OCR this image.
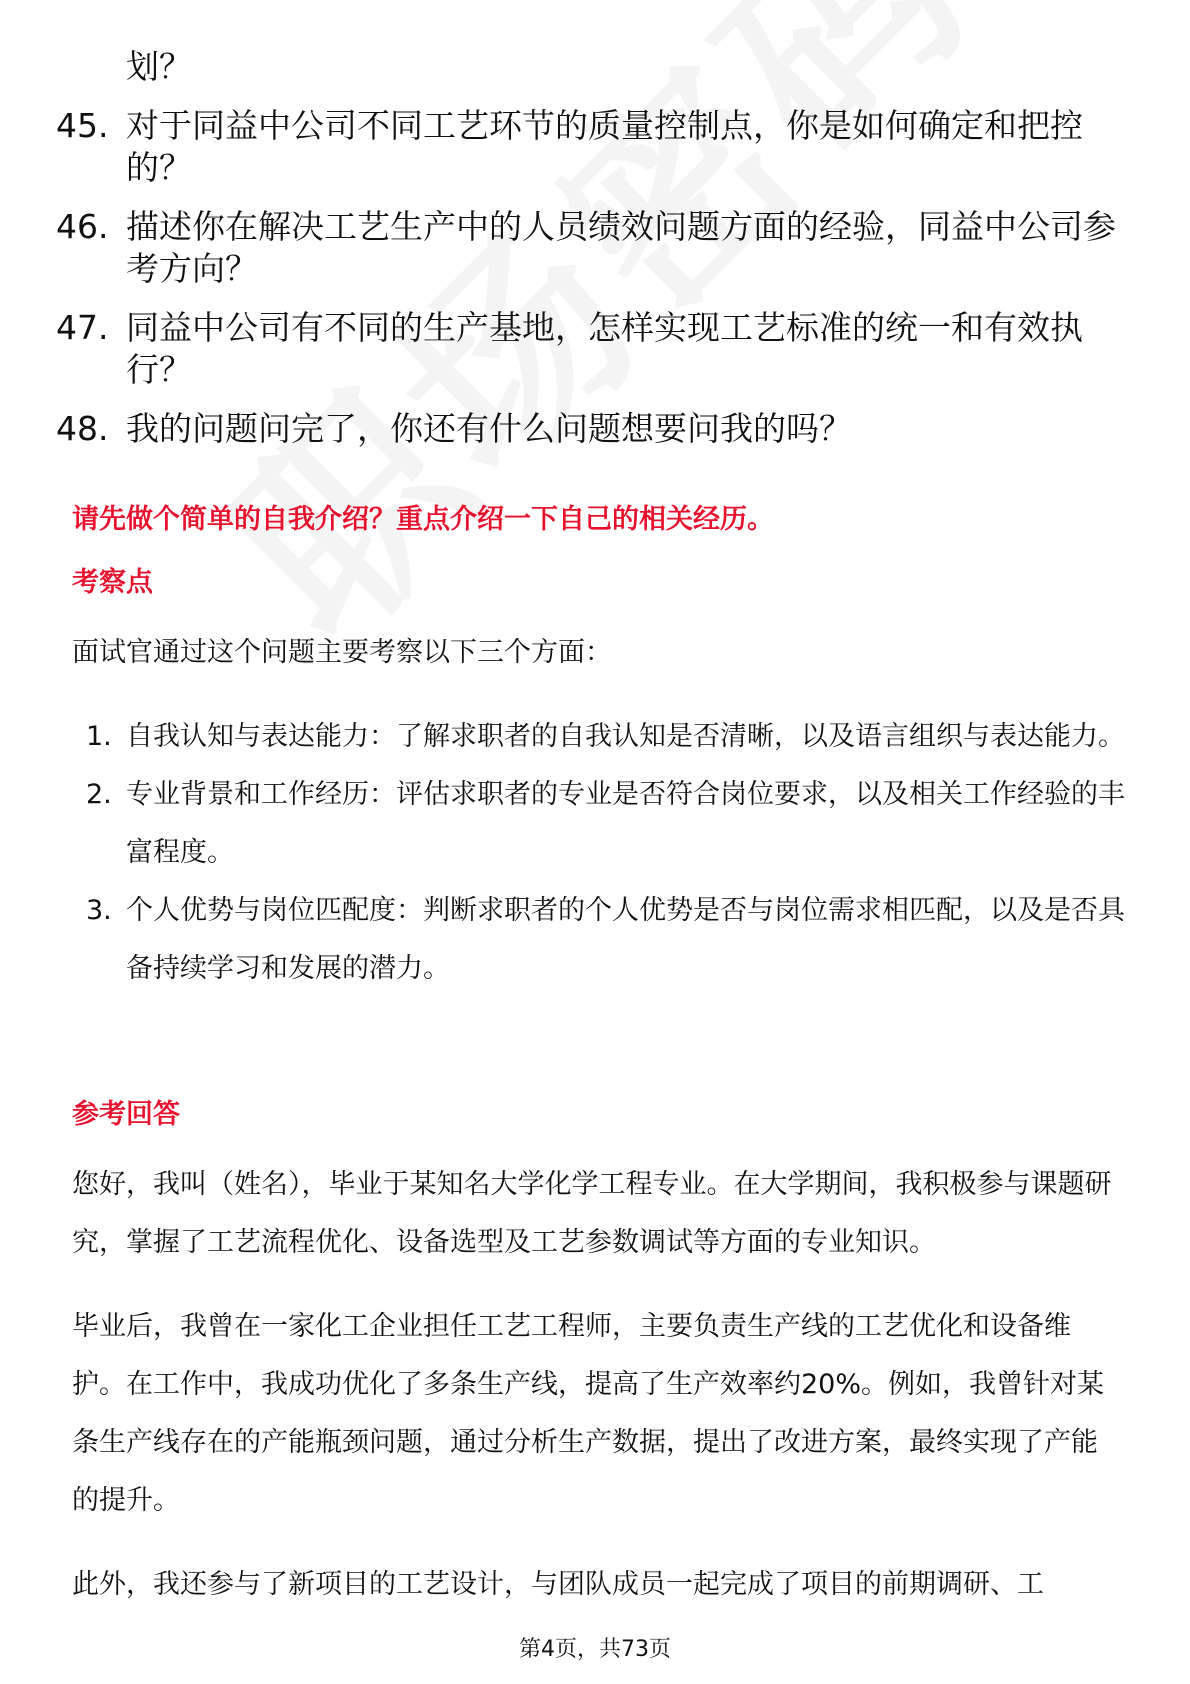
划？
45. 对于同益中公司不同工艺环节的质量控制点，你是如何确定和把控的？
46. 描述你在解决工艺生产中的人员绩效问题方面的经验，同益中公司参考方向？
47. 同益中公司有不同的生产基地，怎样实现工艺标准的统一和有效执行？
48. 我的问题问完了，你还有什么问题想要问我的吗？
请先做个简单的自我介绍？重点介绍一下自己的相关经历。
考察点
面试官通过这个问题主要考察以下三个方面：
1. 自我认知与表达能力：了解求职者的自我认知是否清晰，以及语言组织与表达能力。
2. 专业背景和工作经历：评估求职者的专业是否符合岗位要求，以及相关工作经验的丰富程度。
3. 个人优势与岗位匹配度：判断求职者的个人优势是否与岗位需求相匹配，以及是否具备持续学习和发展的潜力。
参考回答
您好，我叫（姓名），毕业于某知名大学化学工程专业。在大学期间，我积极参与课题研究，掌握了工艺流程优化、设备选型及工艺参数调试等方面的专业知识。
毕业后，我曾在一家化工企业担任工艺工程师，主要负责生产线的工艺优化和设备维护。在工作中，我成功优化了多条生产线，提高了生产效率约20%。例如，我曾针对某条生产线存在的产能瓶颈问题，通过分析生产数据，提出了改进方案，最终实现了产能的提升。
此外，我还参与了新项目的工艺设计，与团队成员一起完成了项目的前期调研、工
第4页，共73页
